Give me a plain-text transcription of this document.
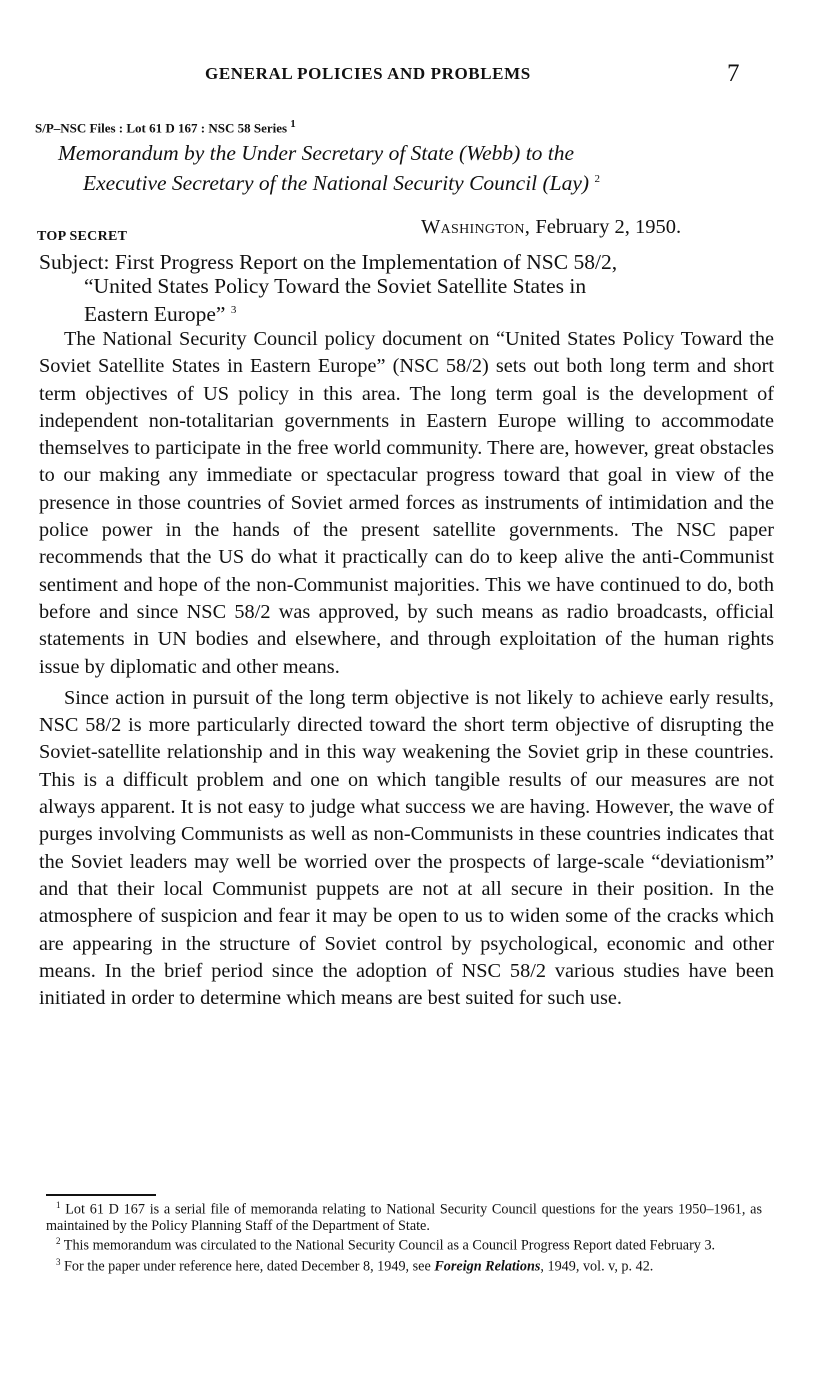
GENERAL POLICIES AND PROBLEMS	7
S/P–NSC Files : Lot 61 D 167 : NSC 58 Series $^1$
Memorandum by the Under Secretary of State (Webb) to the
Executive Secretary of the National Security Council (Lay) $^2$
TOP SECRET	Washington, February 2, 1950.
Subject: First Progress Report on the Implementation of NSC 58/2,
“United States Policy Toward the Soviet Satellite States in
Eastern Europe” $^3$

The National Security Council policy document on “United States Policy Toward the Soviet Satellite States in Eastern Europe” (NSC 58/2) sets out both long term and short term objectives of US policy in this area. The long term goal is the development of independent non-totalitarian governments in Eastern Europe willing to accommodate themselves to participate in the free world community. There are, however, great obstacles to our making any immediate or spectacular progress toward that goal in view of the presence in those countries of Soviet armed forces as instruments of intimidation and the police power in the hands of the present satellite governments. The NSC paper recommends that the US do what it practically can do to keep alive the anti-Communist sentiment and hope of the non-Communist majorities. This we have continued to do, both before and since NSC 58/2 was approved, by such means as radio broadcasts, official statements in UN bodies and elsewhere, and through exploitation of the human rights issue by diplomatic and other means.

Since action in pursuit of the long term objective is not likely to achieve early results, NSC 58/2 is more particularly directed toward the short term objective of disrupting the Soviet-satellite relationship and in this way weakening the Soviet grip in these countries. This is a difficult problem and one on which tangible results of our measures are not always apparent. It is not easy to judge what success we are having. However, the wave of purges involving Communists as well as non-Communists in these countries indicates that the Soviet leaders may well be worried over the prospects of large-scale “deviationism” and that their local Communist puppets are not at all secure in their position. In the atmosphere of suspicion and fear it may be open to us to widen some of the cracks which are appearing in the structure of Soviet control by psychological, economic and other means. In the brief period since the adoption of NSC 58/2 various studies have been initiated in order to determine which means are best suited for such use.

$^1$ Lot 61 D 167 is a serial file of memoranda relating to National Security Council questions for the years 1950–1961, as maintained by the Policy Planning Staff of the Department of State.

$^2$ This memorandum was circulated to the National Security Council as a Council Progress Report dated February 3.

$^3$ For the paper under reference here, dated December 8, 1949, see Foreign Relations, 1949, vol. v, p. 42.
